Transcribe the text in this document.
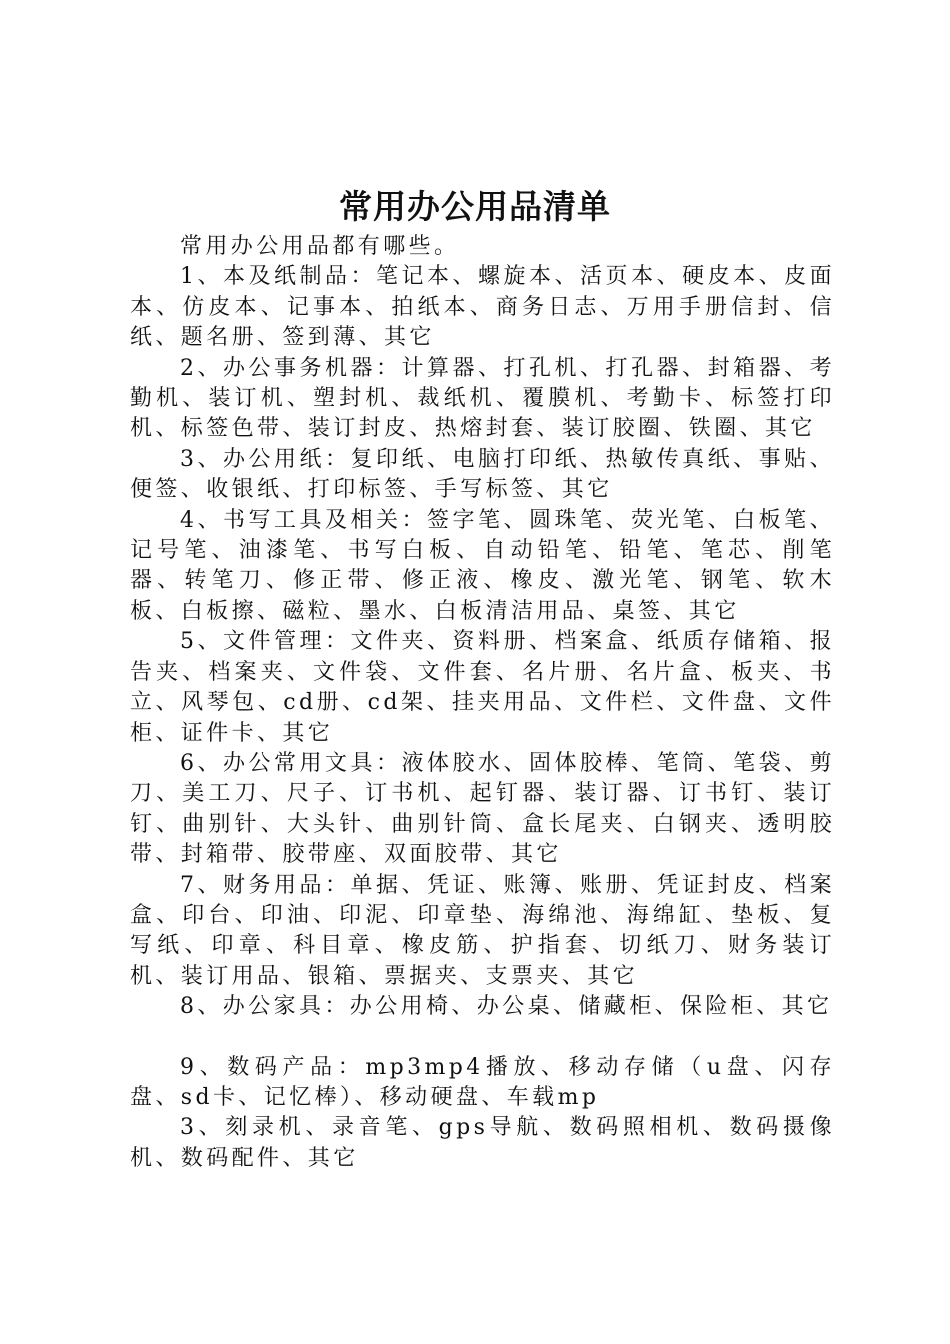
常用办公用品清单

常用办公用品都有哪些。

1、本及纸制品：笔记本、螺旋本、活页本、硬皮本、皮面本、仿皮本、记事本、拍纸本、商务日志、万用手册信封、信纸、题名册、签到薄、其它

2、办公事务机器：计算器、打孔机、打孔器、封箱器、考勤机、装订机、塑封机、裁纸机、覆膜机、考勤卡、标签打印机、标签色带、装订封皮、热熔封套、装订胶圈、铁圈、其它

3、办公用纸：复印纸、电脑打印纸、热敏传真纸、事贴、便签、收银纸、打印标签、手写标签、其它

4、书写工具及相关：签字笔、圆珠笔、荧光笔、白板笔、记号笔、油漆笔、书写白板、自动铅笔、铅笔、笔芯、削笔器、转笔刀、修正带、修正液、橡皮、激光笔、钢笔、软木板、白板擦、磁粒、墨水、白板清洁用品、桌签、其它

5、文件管理：文件夹、资料册、档案盒、纸质存储箱、报告夹、档案夹、文件袋、文件套、名片册、名片盒、板夹、书立、风琴包、cd册、cd架、挂夹用品、文件栏、文件盘、文件柜、证件卡、其它

6、办公常用文具：液体胶水、固体胶棒、笔筒、笔袋、剪刀、美工刀、尺子、订书机、起钉器、装订器、订书钉、装订钉、曲别针、大头针、曲别针筒、盒长尾夹、白钢夹、透明胶带、封箱带、胶带座、双面胶带、其它

7、财务用品：单据、凭证、账簿、账册、凭证封皮、档案盒、印台、印油、印泥、印章垫、海绵池、海绵缸、垫板、复写纸、印章、科目章、橡皮筋、护指套、切纸刀、财务装订机、装订用品、银箱、票据夹、支票夹、其它

8、办公家具：办公用椅、办公桌、储藏柜、保险柜、其它

9、数码产品：mp3mp4播放、移动存储（u盘、闪存盘、sd卡、记忆棒）、移动硬盘、车载mp

3、刻录机、录音笔、gps导航、数码照相机、数码摄像机、数码配件、其它
